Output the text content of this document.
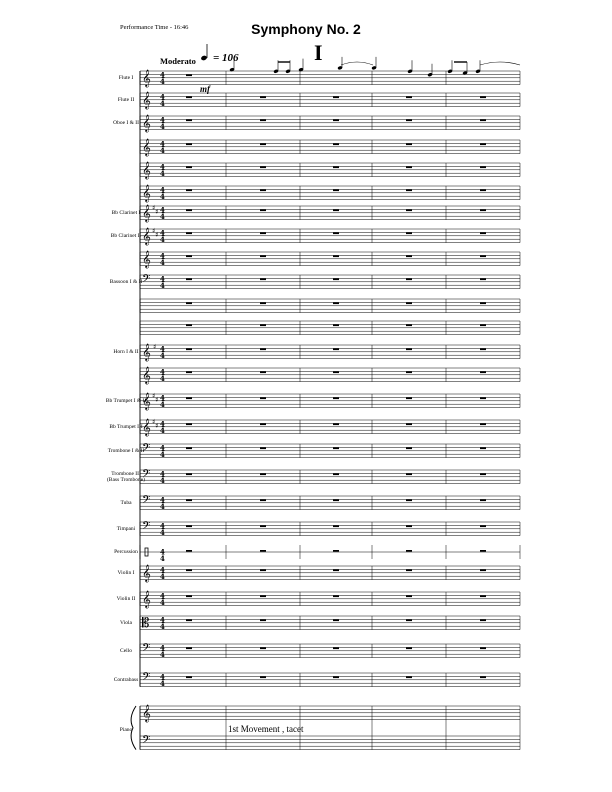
Performance Time - 16:46	Symphony No. 2
I
Moderato = 106
mf
𝄞 4
4
𝄞 4
4
𝄞 4
4
𝄞 4
4
𝄞 4
4
𝄞 4
4
𝄞 ♯ ♯ 4
4
𝄞 ♯ ♯ 4
4
𝄞 4
4
𝄢 4
4
𝄞 ♯ 4
4
𝄞 4
4
𝄞 ♯ ♯ 4
4
𝄞 ♯ ♯ 4
4
𝄢 4
4
𝄢 4
4
𝄢 4
4
𝄢 4
4
4
4
𝄞 4
4
𝄞 4
4
𝄡 4
4
𝄢 4
4
𝄢 4
4
𝄞
𝄢
Flute I
Flute II
Oboe I & II
Bb Clarinet I
Bb Clarinet II
Bassoon I & II
Horn I & II
Bb Trumpet I & II
Bb Trumpet III
Trombone I & II
Trombone III
(Bass Trombone)
Tuba
Timpani
Percussion
Violin I
Violin II
Viola
Cello
Contrabass
Piano	1st Movement , tacet
